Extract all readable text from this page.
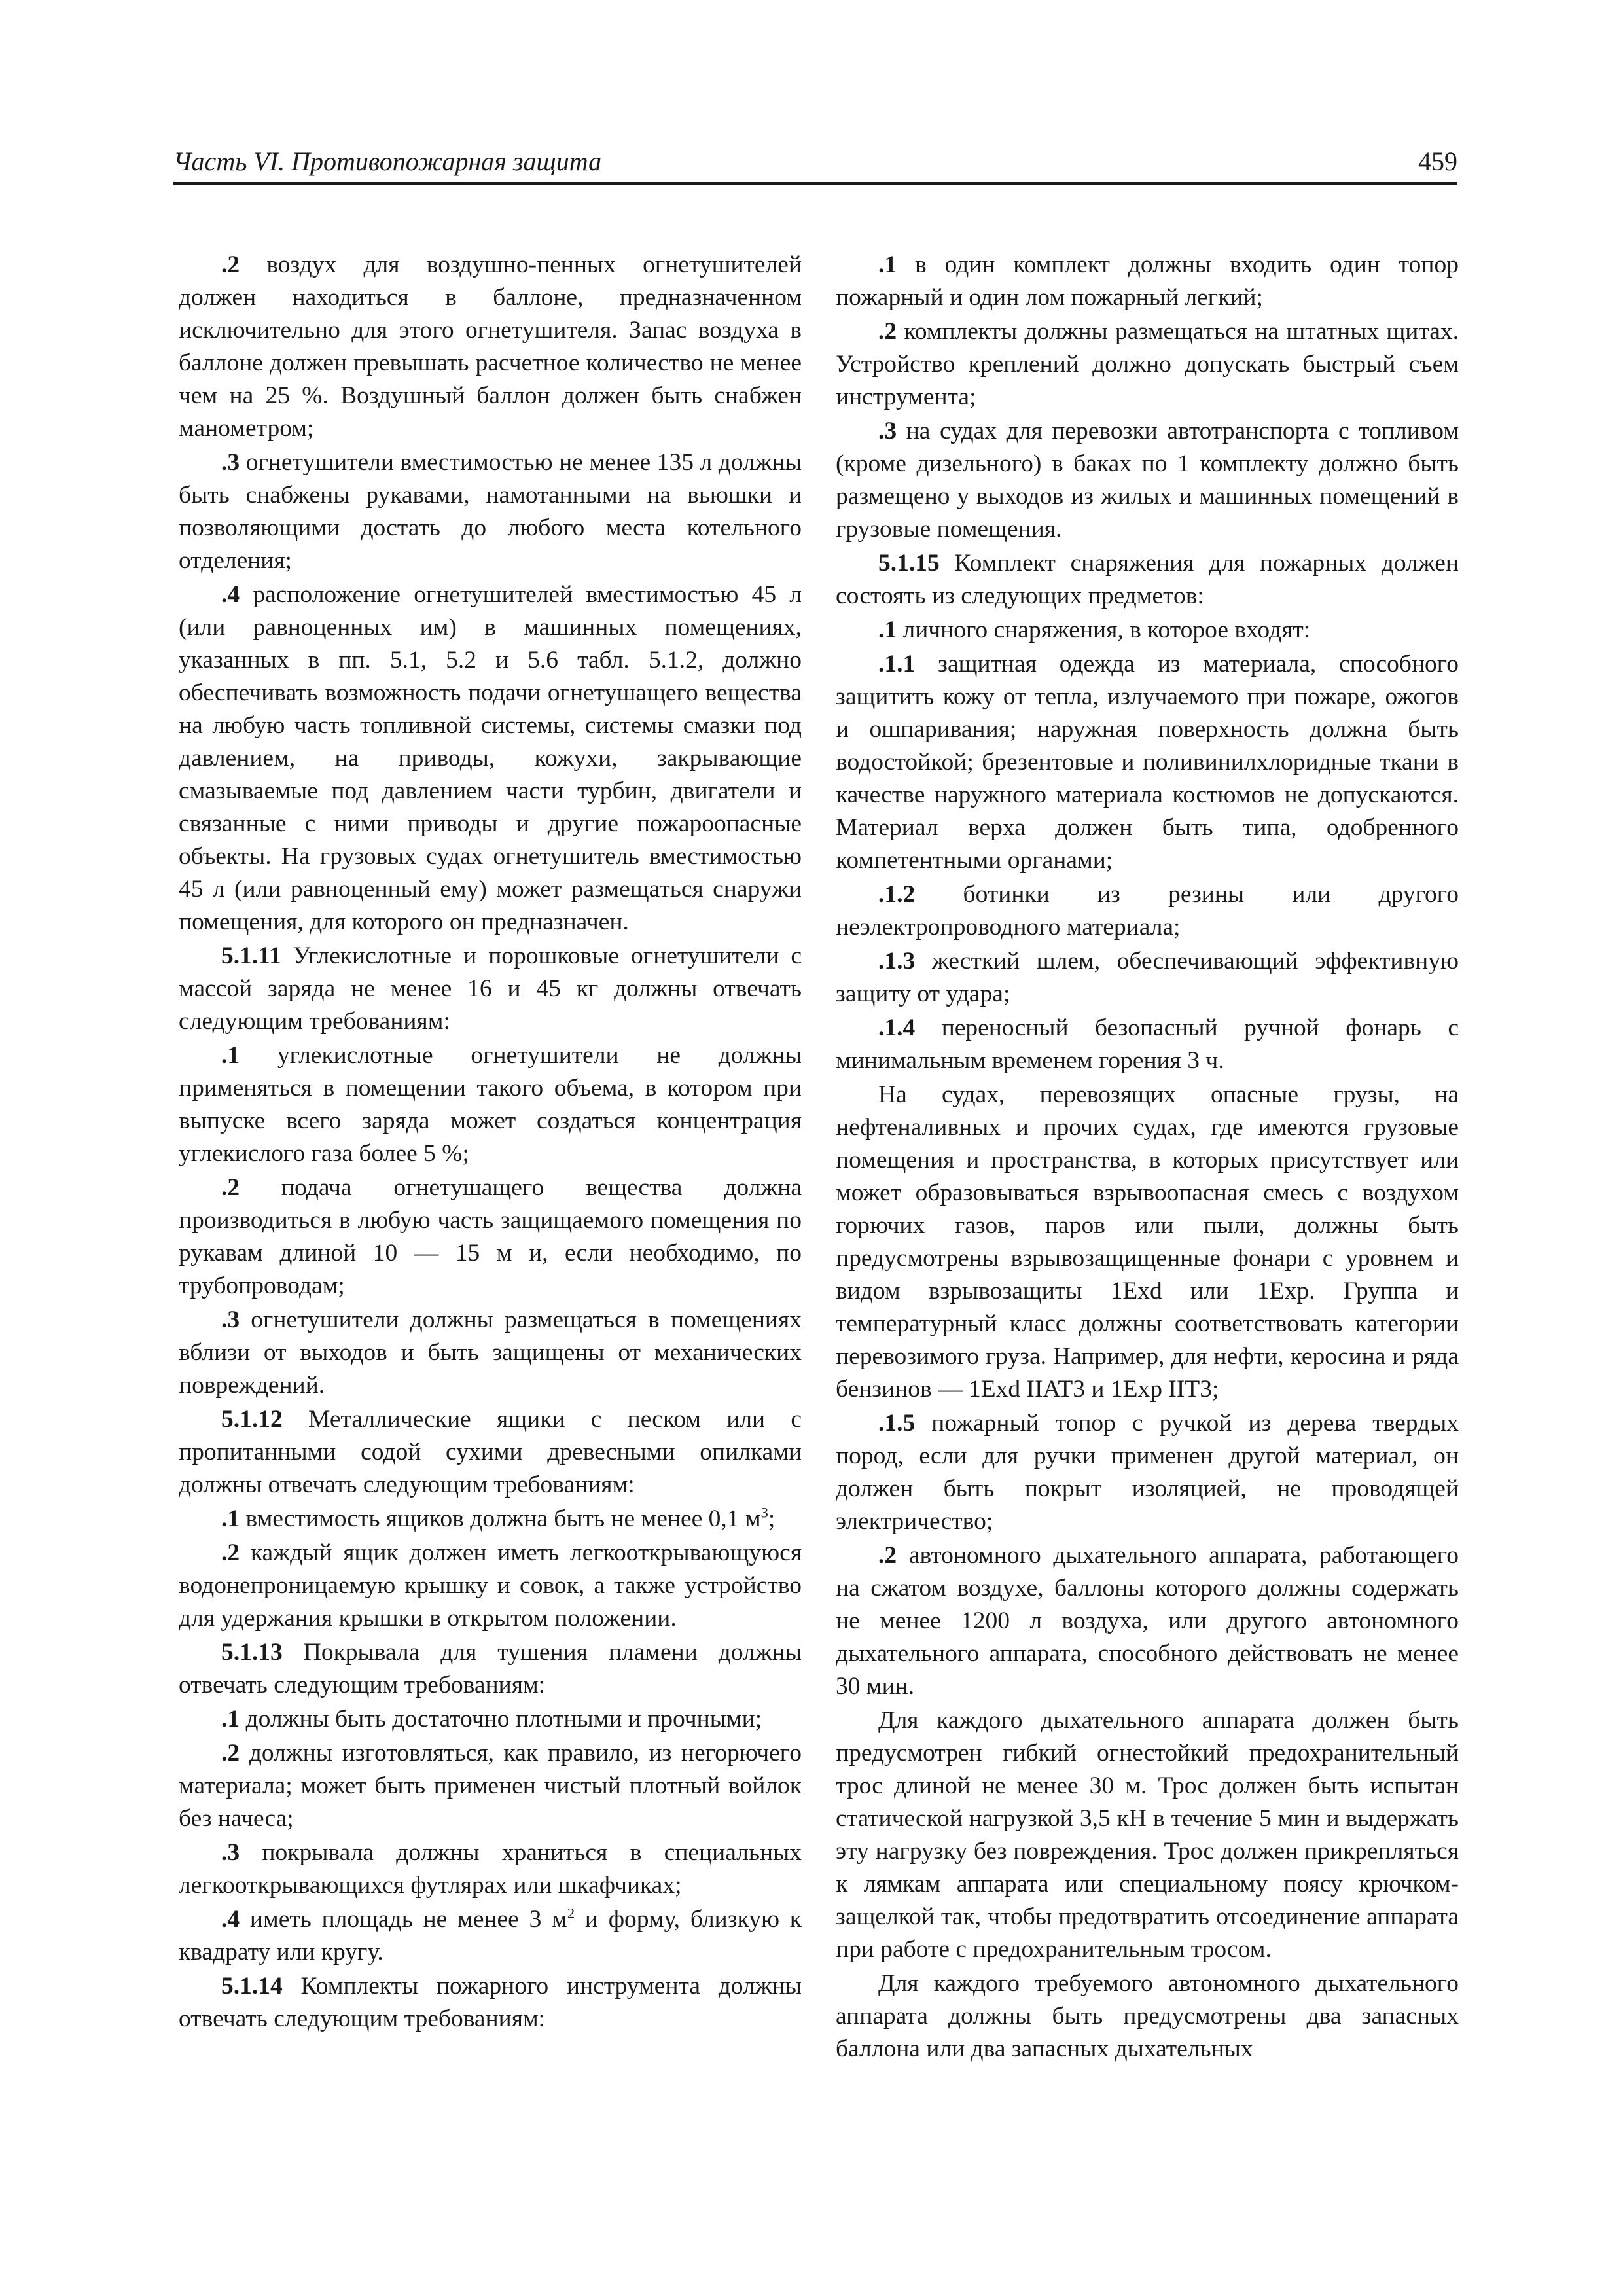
Часть VI. Противопожарная защита	459

.2 воздух для воздушно-пенных огнетушителей должен находиться в баллоне, предназначенном исключительно для этого огнетушителя. Запас воздуха в баллоне должен превышать расчетное количество не менее чем на 25 %. Воздушный баллон должен быть снабжен манометром;

.3 огнетушители вместимостью не менее 135 л должны быть снабжены рукавами, намотанными на вьюшки и позволяющими достать до любого места котельного отделения;

.4 расположение огнетушителей вместимостью 45 л (или равноценных им) в машинных помещениях, указанных в пп. 5.1, 5.2 и 5.6 табл. 5.1.2, должно обеспечивать возможность подачи огнетушащего вещества на любую часть топливной системы, системы смазки под давлением, на приводы, кожухи, закрывающие смазываемые под давлением части турбин, двигатели и связанные с ними приводы и другие пожароопасные объекты. На грузовых судах огнетушитель вместимостью 45 л (или равноценный ему) может размещаться снаружи помещения, для которого он предназначен.

5.1.11 Углекислотные и порошковые огнетушители с массой заряда не менее 16 и 45 кг должны отвечать следующим требованиям:

.1 углекислотные огнетушители не должны применяться в помещении такого объема, в котором при выпуске всего заряда может создаться концентрация углекислого газа более 5 %;

.2 подача огнетушащего вещества должна производиться в любую часть защищаемого помещения по рукавам длиной 10 — 15 м и, если необходимо, по трубопроводам;

.3 огнетушители должны размещаться в помещениях вблизи от выходов и быть защищены от механических повреждений.

5.1.12 Металлические ящики с песком или с пропитанными содой сухими древесными опилками должны отвечать следующим требованиям:

.1 вместимость ящиков должна быть не менее 0,1 $м^3$;

.2 каждый ящик должен иметь легкооткрывающуюся водонепроницаемую крышку и совок, а также устройство для удержания крышки в открытом положении.

5.1.13 Покрывала для тушения пламени должны отвечать следующим требованиям:

.1 должны быть достаточно плотными и прочными;

.2 должны изготовляться, как правило, из негорючего материала; может быть применен чистый плотный войлок без начеса;

.3 покрывала должны храниться в специальных легкооткрывающихся футлярах или шкафчиках;

.4 иметь площадь не менее 3 $м^2$ и форму, близкую к квадрату или кругу.

5.1.14 Комплекты пожарного инструмента должны отвечать следующим требованиям:

.1 в один комплект должны входить один топор пожарный и один лом пожарный легкий;

.2 комплекты должны размещаться на штатных щитах. Устройство креплений должно допускать быстрый съем инструмента;

.3 на судах для перевозки автотранспорта с топливом (кроме дизельного) в баках по 1 комплекту должно быть размещено у выходов из жилых и машинных помещений в грузовые помещения.

5.1.15 Комплект снаряжения для пожарных должен состоять из следующих предметов:

.1 личного снаряжения, в которое входят:

.1.1 защитная одежда из материала, способного защитить кожу от тепла, излучаемого при пожаре, ожогов и ошпаривания; наружная поверхность должна быть водостойкой; брезентовые и поливинилхлоридные ткани в качестве наружного материала костюмов не допускаются. Материал верха должен быть типа, одобренного компетентными органами;

.1.2 ботинки из резины или другого неэлектропроводного материала;

.1.3 жесткий шлем, обеспечивающий эффективную защиту от удара;

.1.4 переносный безопасный ручной фонарь с минимальным временем горения 3 ч.

На судах, перевозящих опасные грузы, на нефтеналивных и прочих судах, где имеются грузовые помещения и пространства, в которых присутствует или может образовываться взрывоопасная смесь с воздухом горючих газов, паров или пыли, должны быть предусмотрены взрывозащищенные фонари с уровнем и видом взрывозащиты 1Exd или 1Exp. Группа и температурный класс должны соответствовать категории перевозимого груза. Например, для нефти, керосина и ряда бензинов — 1Exd IIAT3 и 1Exp IIT3;

.1.5 пожарный топор с ручкой из дерева твердых пород, если для ручки применен другой материал, он должен быть покрыт изоляцией, не проводящей электричество;

.2 автономного дыхательного аппарата, работающего на сжатом воздухе, баллоны которого должны содержать не менее 1200 л воздуха, или другого автономного дыхательного аппарата, способного действовать не менее 30 мин.

Для каждого дыхательного аппарата должен быть предусмотрен гибкий огнестойкий предохранительный трос длиной не менее 30 м. Трос должен быть испытан статической нагрузкой 3,5 кН в течение 5 мин и выдержать эту нагрузку без повреждения. Трос должен прикрепляться к лямкам аппарата или специальному поясу крючком-защелкой так, чтобы предотвратить отсоединение аппарата при работе с предохранительным тросом.

Для каждого требуемого автономного дыхательного аппарата должны быть предусмотрены два запасных баллона или два запасных дыхательных
